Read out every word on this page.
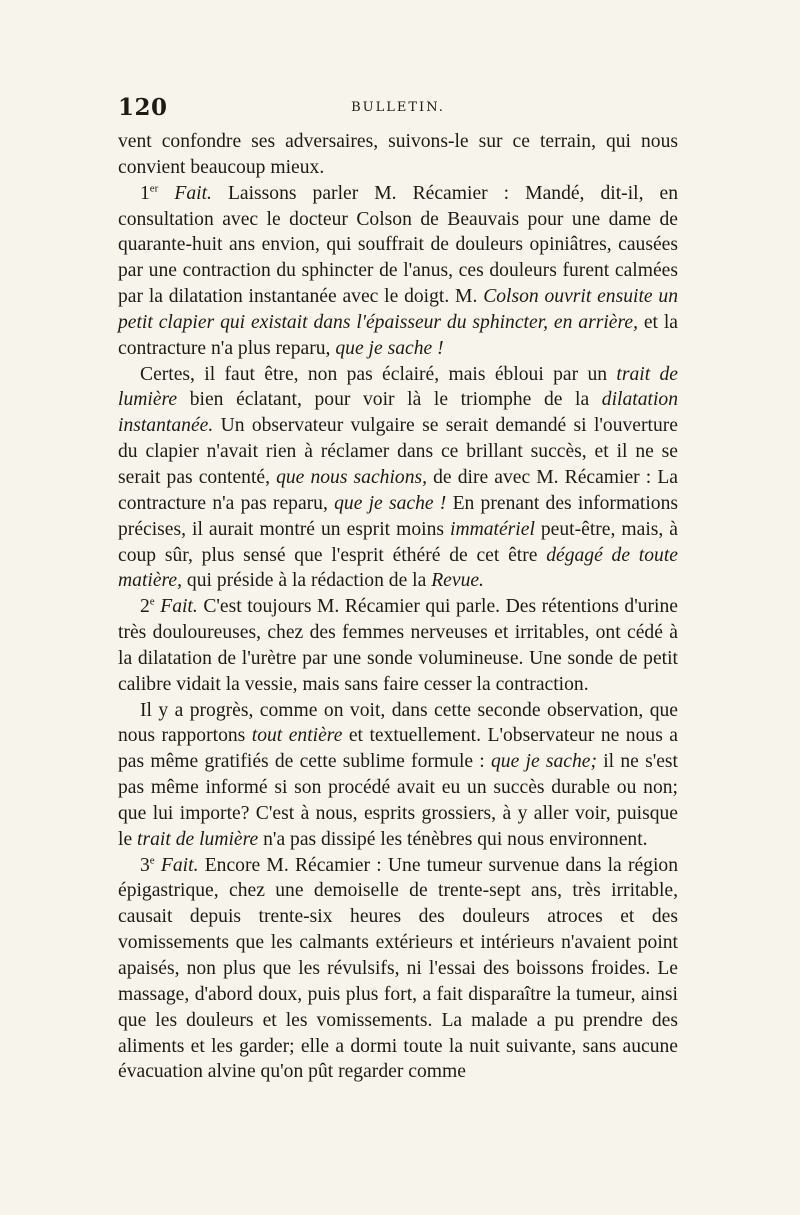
120	BULLETIN.

vent confondre ses adversaires, suivons-le sur ce terrain, qui nous convient beaucoup mieux.

1er Fait. Laissons parler M. Récamier : Mandé, dit-il, en consultation avec le docteur Colson de Beauvais pour une dame de quarante-huit ans envion, qui souffrait de douleurs opiniâtres, causées par une contraction du sphincter de l'anus, ces douleurs furent calmées par la dilatation instantanée avec le doigt. M. Colson ouvrit ensuite un petit clapier qui existait dans l'épaisseur du sphincter, en arrière, et la contracture n'a plus reparu, que je sache !

Certes, il faut être, non pas éclairé, mais ébloui par un trait de lumière bien éclatant, pour voir là le triomphe de la dilatation instantanée. Un observateur vulgaire se serait demandé si l'ouverture du clapier n'avait rien à réclamer dans ce brillant succès, et il ne se serait pas contenté, que nous sachions, de dire avec M. Récamier : La contracture n'a pas reparu, que je sache ! En prenant des informations précises, il aurait montré un esprit moins immatériel peut-être, mais, à coup sûr, plus sensé que l'esprit éthéré de cet être dégagé de toute matière, qui préside à la rédaction de la Revue.

2e Fait. C'est toujours M. Récamier qui parle. Des rétentions d'urine très douloureuses, chez des femmes nerveuses et irritables, ont cédé à la dilatation de l'urètre par une sonde volumineuse. Une sonde de petit calibre vidait la vessie, mais sans faire cesser la contraction.

Il y a progrès, comme on voit, dans cette seconde observation, que nous rapportons tout entière et textuellement. L'observateur ne nous a pas même gratifiés de cette sublime formule : que je sache; il ne s'est pas même informé si son procédé avait eu un succès durable ou non; que lui importe? C'est à nous, esprits grossiers, à y aller voir, puisque le trait de lumière n'a pas dissipé les ténèbres qui nous environnent.

3e Fait. Encore M. Récamier : Une tumeur survenue dans la région épigastrique, chez une demoiselle de trente-sept ans, très irritable, causait depuis trente-six heures des douleurs atroces et des vomissements que les calmants extérieurs et intérieurs n'avaient point apaisés, non plus que les révulsifs, ni l'essai des boissons froides. Le massage, d'abord doux, puis plus fort, a fait disparaître la tumeur, ainsi que les douleurs et les vomissements. La malade a pu prendre des aliments et les garder; elle a dormi toute la nuit suivante, sans aucune évacuation alvine qu'on pût regarder comme
